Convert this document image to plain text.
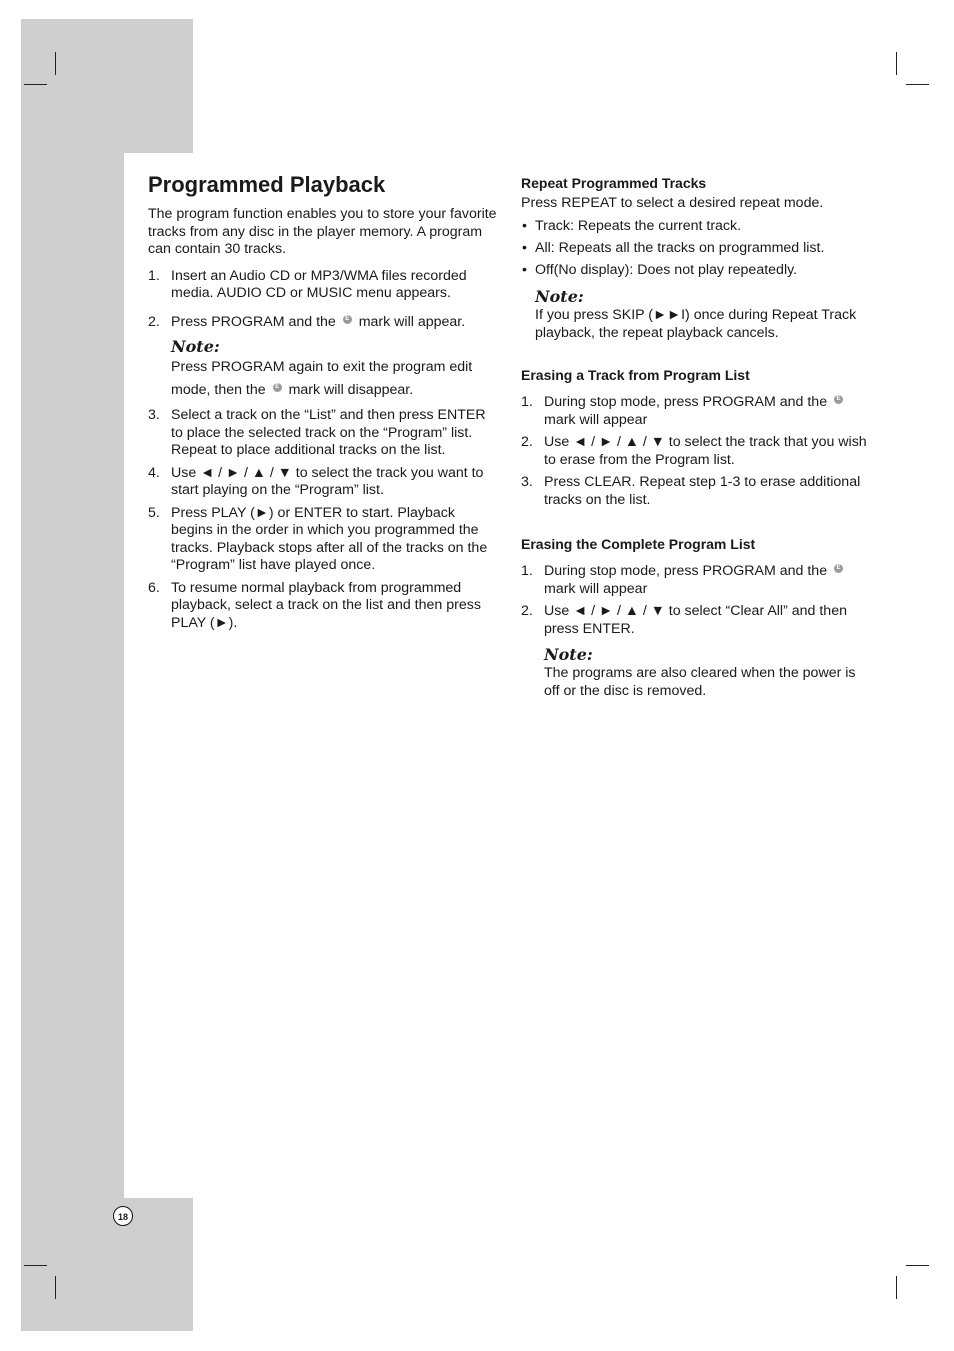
Programmed Playback

The program function enables you to store your favorite tracks from any disc in the player memory. A program can contain 30 tracks.

1. Insert an Audio CD or MP3/WMA files recorded media. AUDIO CD or MUSIC menu appears.
2. Press PROGRAM and the E mark will appear.
Note:
Press PROGRAM again to exit the program edit mode, then the E mark will disappear.
3. Select a track on the “List” and then press ENTER to place the selected track on the “Program” list. Repeat to place additional tracks on the list.
4. Use ◄ / ► / ▲ / ▼ to select the track you want to start playing on the “Program” list.
5. Press PLAY (►) or ENTER to start. Playback begins in the order in which you programmed the tracks. Playback stops after all of the tracks on the “Program” list have played once.
6. To resume normal playback from programmed playback, select a track on the list and then press PLAY (►).
Repeat Programmed Tracks

Press REPEAT to select a desired repeat mode.

• Track: Repeats the current track.
• All: Repeats all the tracks on programmed list.
• Off(No display): Does not play repeatedly.
Note:

If you press SKIP (►►I) once during Repeat Track playback, the repeat playback cancels.

Erasing a Track from Program List
1. During stop mode, press PROGRAM and the E mark will appear
2. Use ◄ / ► / ▲ / ▼ to select the track that you wish to erase from the Program list.
3. Press CLEAR. Repeat step 1-3 to erase additional tracks on the list.
Erasing the Complete Program List
1. During stop mode, press PROGRAM and the E mark will appear
2. Use ◄ / ► / ▲ / ▼ to select “Clear All” and then press ENTER.
Note:

The programs are also cleared when the power is off or the disc is removed.

18
